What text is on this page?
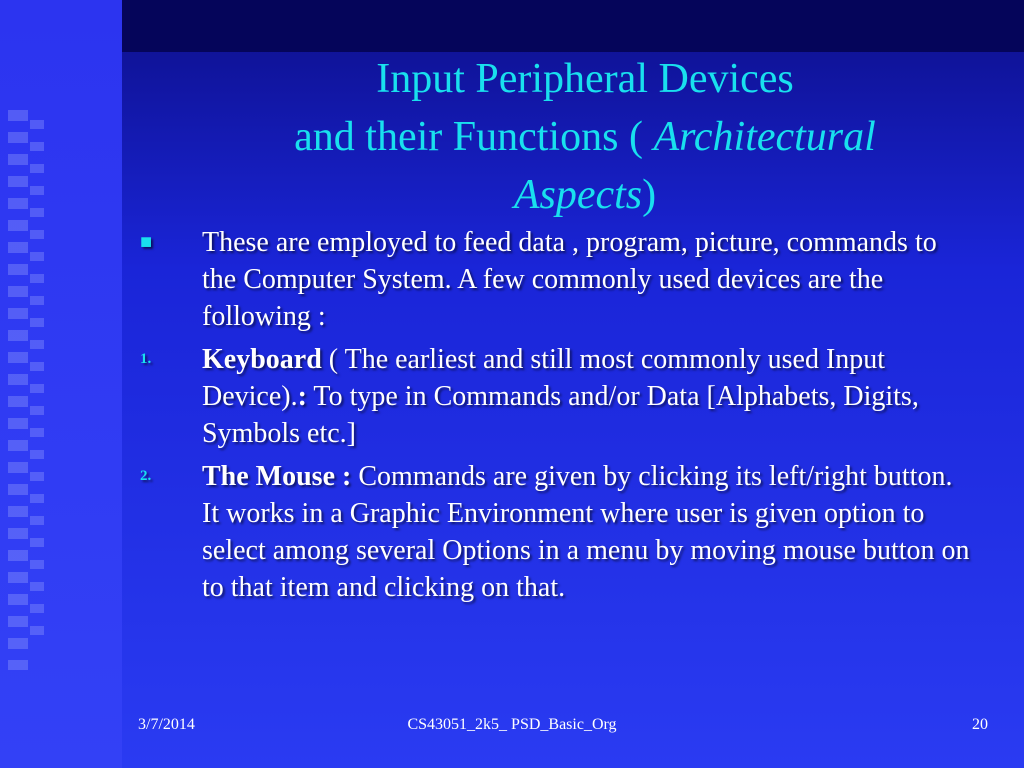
Input Peripheral Devices
and their Functions ( Architectural
Aspects)
■ These are employed to feed data , program, picture, commands to the Computer System. A few commonly used devices are the following :
1. Keyboard ( The earliest and still most commonly used Input Device).: To type in Commands and/or Data [Alphabets, Digits, Symbols etc.]
2. The Mouse : Commands are given by clicking its left/right button. It works in a Graphic Environment where user is given option to select among several Options in a menu by moving mouse button on to that item and clicking on that.
3/7/2014	CS43051_2k5_ PSD_Basic_Org	20
